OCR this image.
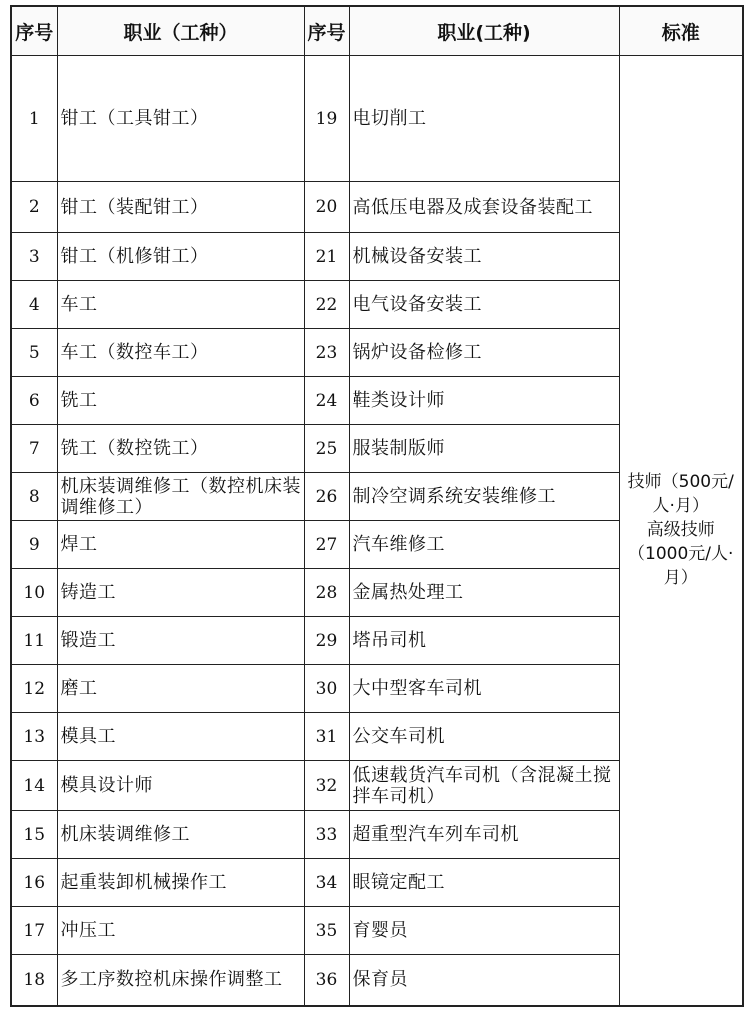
序号	职业（工种）	序号	职业(工种)	标准
1	钳工（工具钳工）	19	电切削工	技师（500元/
人·月）
高级技师
（1000元/人·
月）

2	钳工（装配钳工）	20	高低压电器及成套设备装配工	
3	钳工（机修钳工）	21	机械设备安装工	
4	车工	22	电气设备安装工	
5	车工（数控车工）	23	锅炉设备检修工	
6	铣工	24	鞋类设计师	
7	铣工（数控铣工）	25	服装制版师	
8	机床装调维修工（数控机床装调维修工）	26	制冷空调系统安装维修工	
9	焊工	27	汽车维修工	
10	铸造工	28	金属热处理工	
11	锻造工	29	塔吊司机	
12	磨工	30	大中型客车司机	
13	模具工	31	公交车司机	
14	模具设计师	32	低速载货汽车司机（含混凝土搅拌车司机）	
15	机床装调维修工	33	超重型汽车列车司机	
16	起重装卸机械操作工	34	眼镜定配工	
17	冲压工	35	育婴员	
18	多工序数控机床操作调整工	36	保育员	
